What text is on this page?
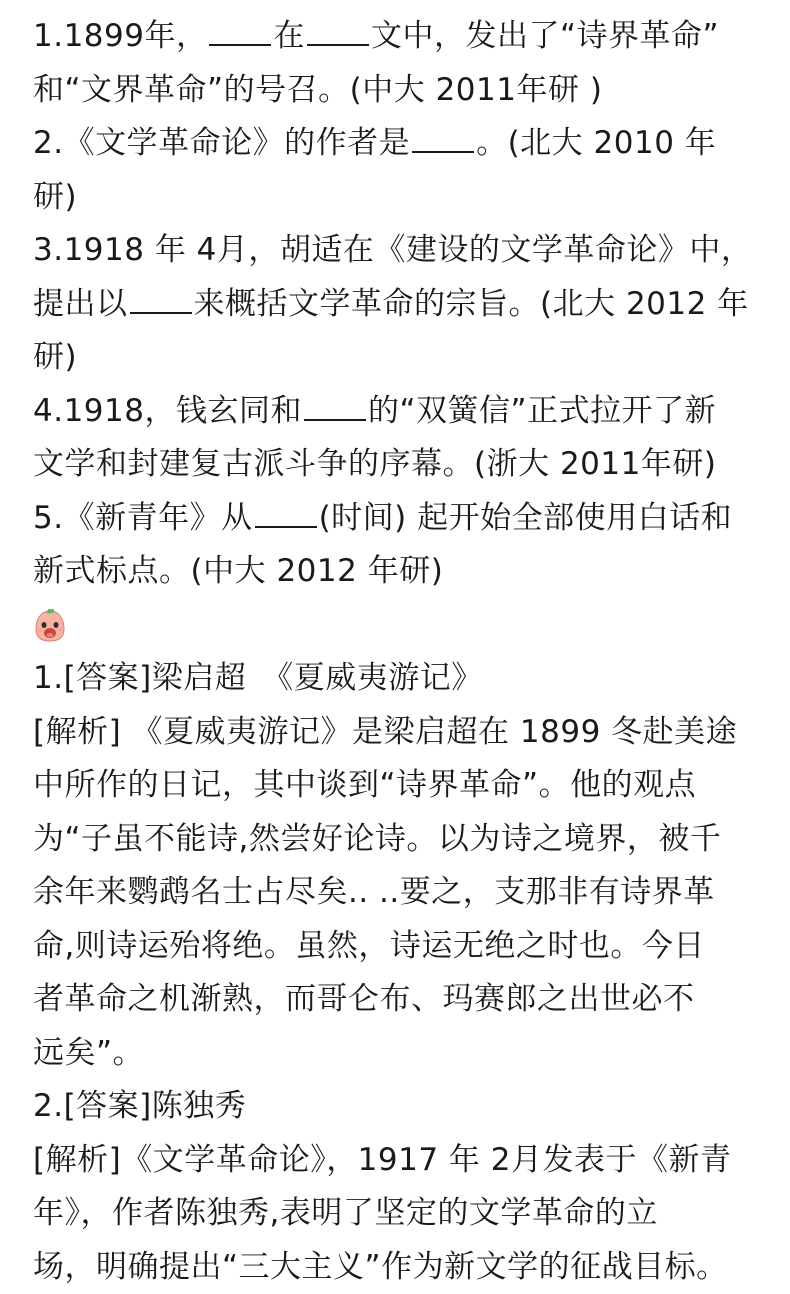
1.1899年， 在 文中，发出了“诗界革命”
和“文界革命”的号召。(中大 2011年研 )
2.《文学革命论》的作者是 。(北大 2010 年
研)
3.1918 年 4月，胡适在《建设的文学革命论》中，
提出以 来概括文学革命的宗旨。(北大 2012 年
研)
4.1918，钱玄同和 的“双簧信”正式拉开了新
文学和封建复古派斗争的序幕。(浙大 2011年研)
5.《新青年》从 (时间) 起开始全部使用白话和
新式标点。(中大 2012 年研)
1.[答案]梁启超　《夏威夷游记》
[解析] 《夏威夷游记》是梁启超在 1899 冬赴美途
中所作的日记，其中谈到“诗界革命”。他的观点
为“子虽不能诗,然尝好论诗。以为诗之境界，被千
余年来鹦鹉名士占尽矣.. ..要之，支那非有诗界革
命,则诗运殆将绝。虽然，诗运无绝之时也。今日
者革命之机渐熟，而哥仑布、玛赛郎之出世必不
远矣”。
2.[答案]陈独秀
[解析]《文学革命论》，1917 年 2月发表于《新青
年》，作者陈独秀,表明了坚定的文学革命的立
场，明确提出“三大主义”作为新文学的征战目标。
